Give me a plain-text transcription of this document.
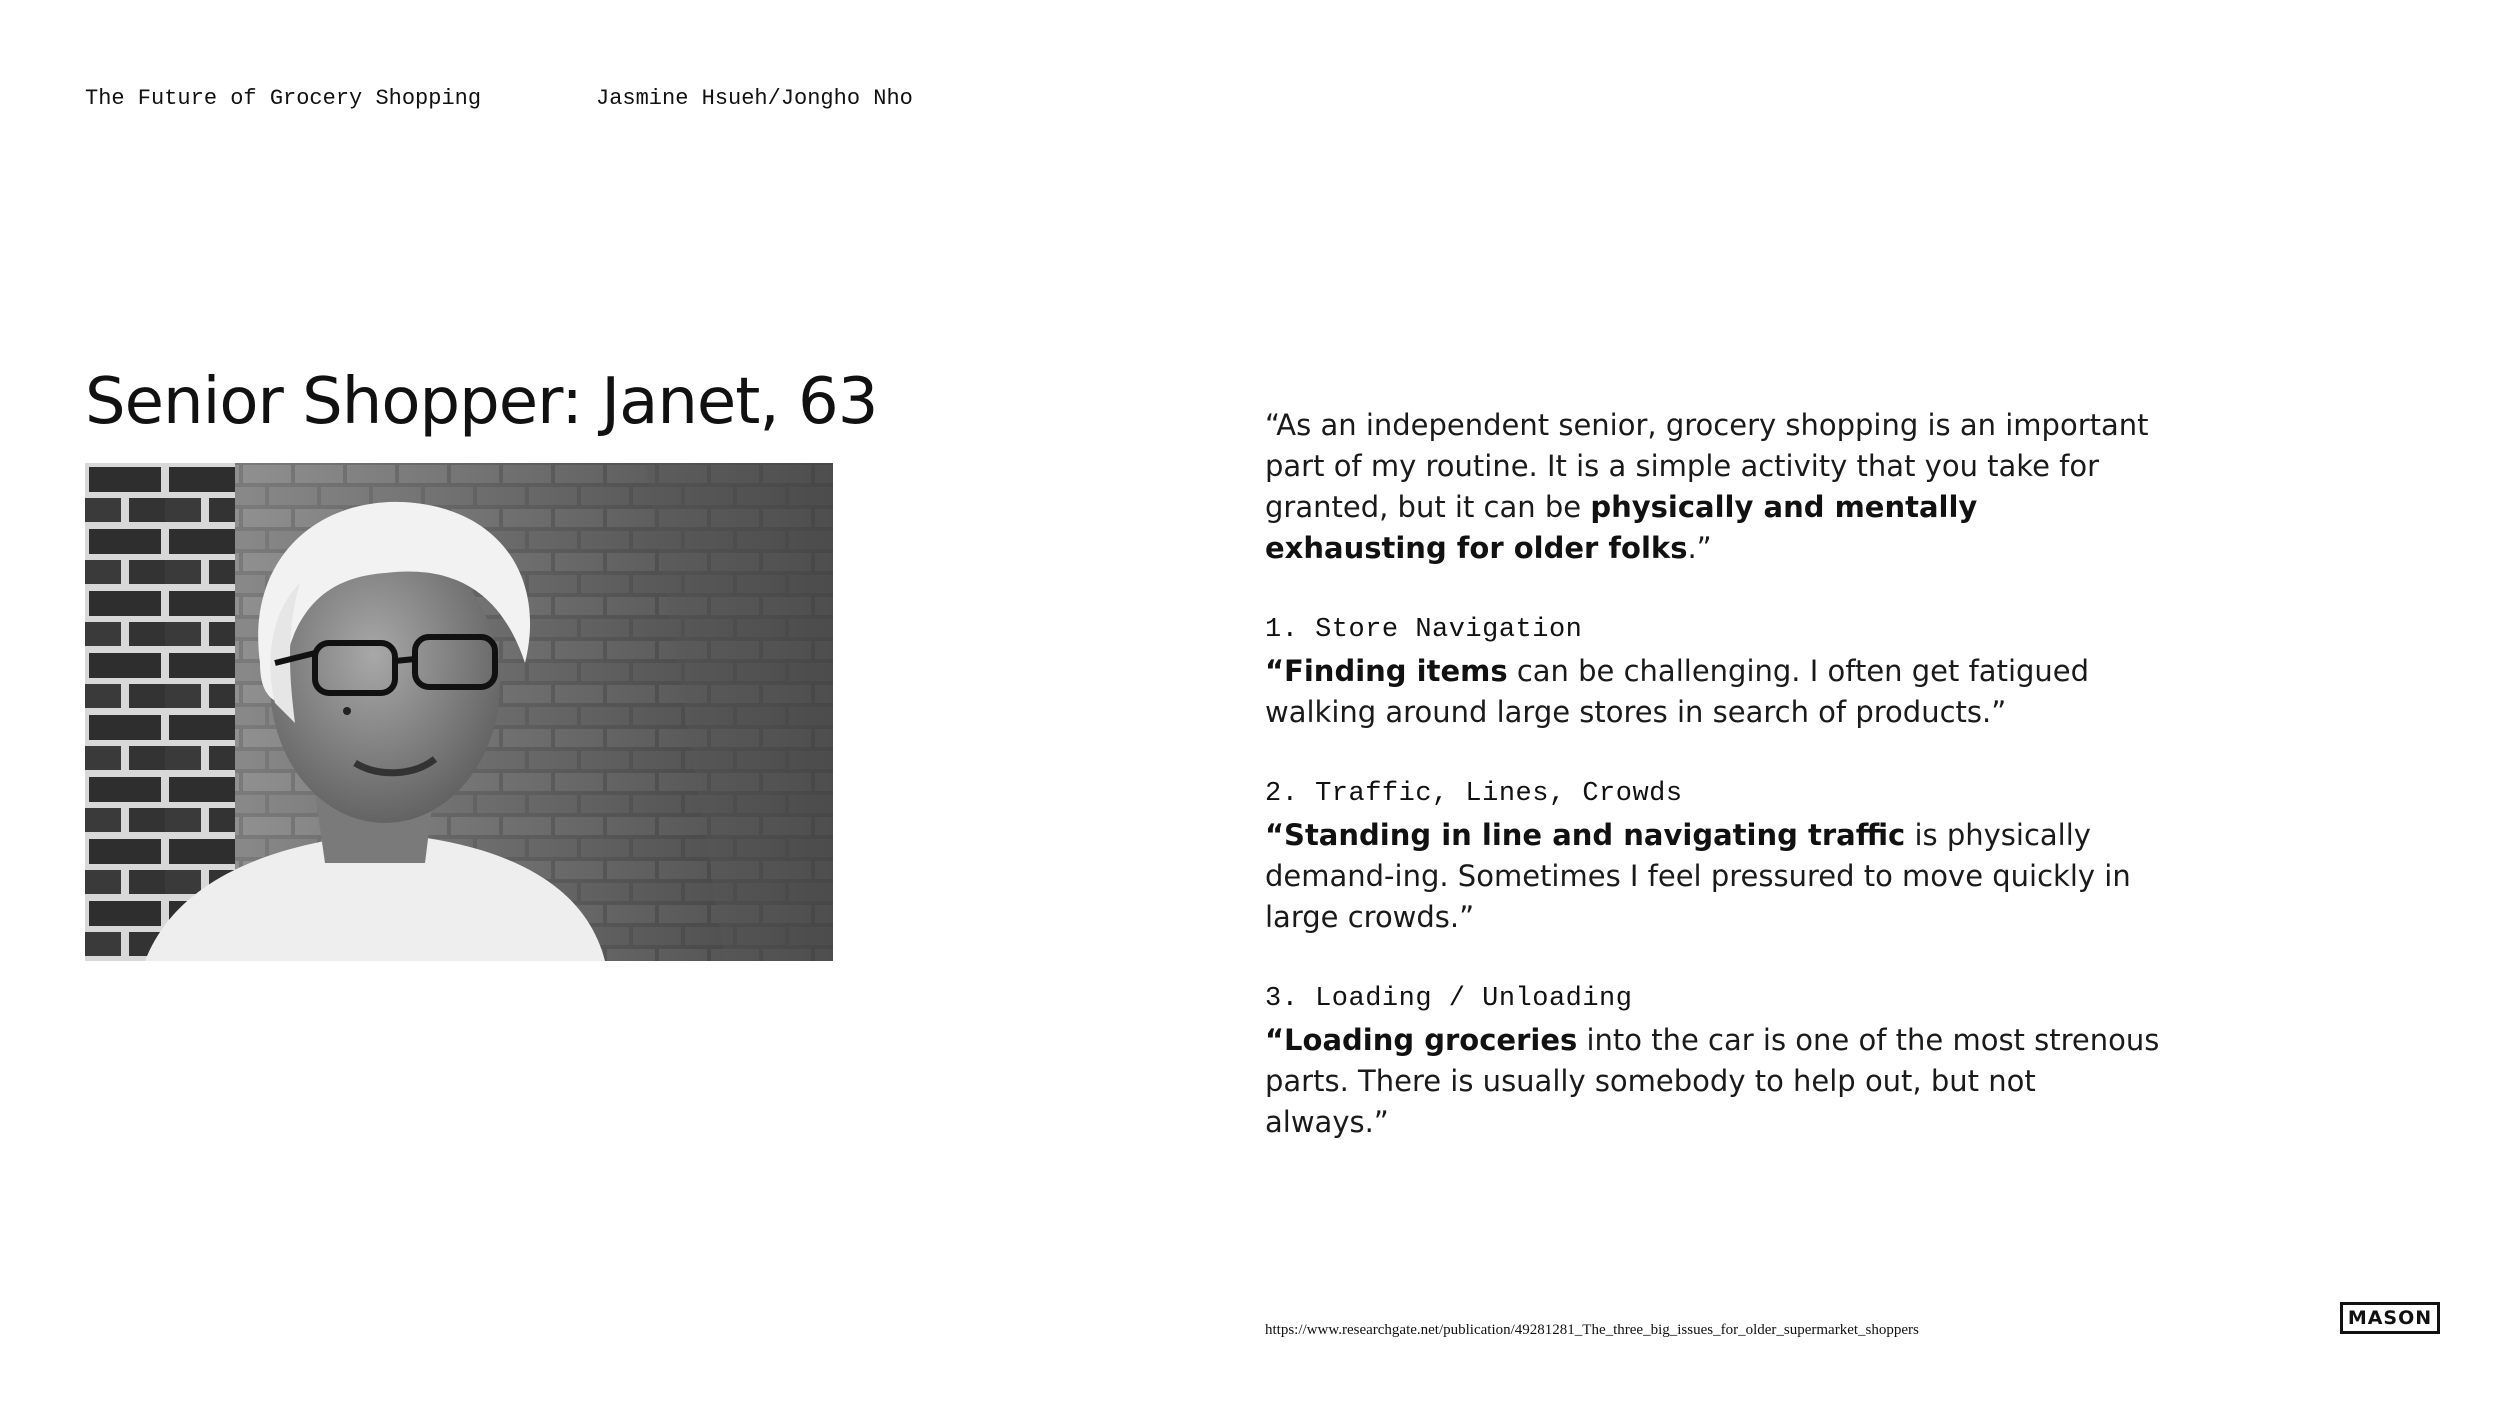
The Future of Grocery Shopping	Jasmine Hsueh/Jongho Nho
Senior Shopper: Janet, 63	“As an independent senior, grocery shopping is an important part of my routine. It is a simple activity that you take for granted, but it can be physically and mentally exhausting for older folks.”

1. Store Navigation

“Finding items can be challenging. I often get fatigued walking around large stores in search of products.”

2. Traffic, Lines, Crowds

“Standing in line and navigating traffic is physically demand-ing. Sometimes I feel pressured to move quickly in large crowds.”

3. Loading / Unloading

“Loading groceries into the car is one of the most strenous parts. There is usually somebody to help out, but not always.”

https://www.researchgate.net/publication/49281281_The_three_big_issues_for_older_supermarket_shoppers
MASON
